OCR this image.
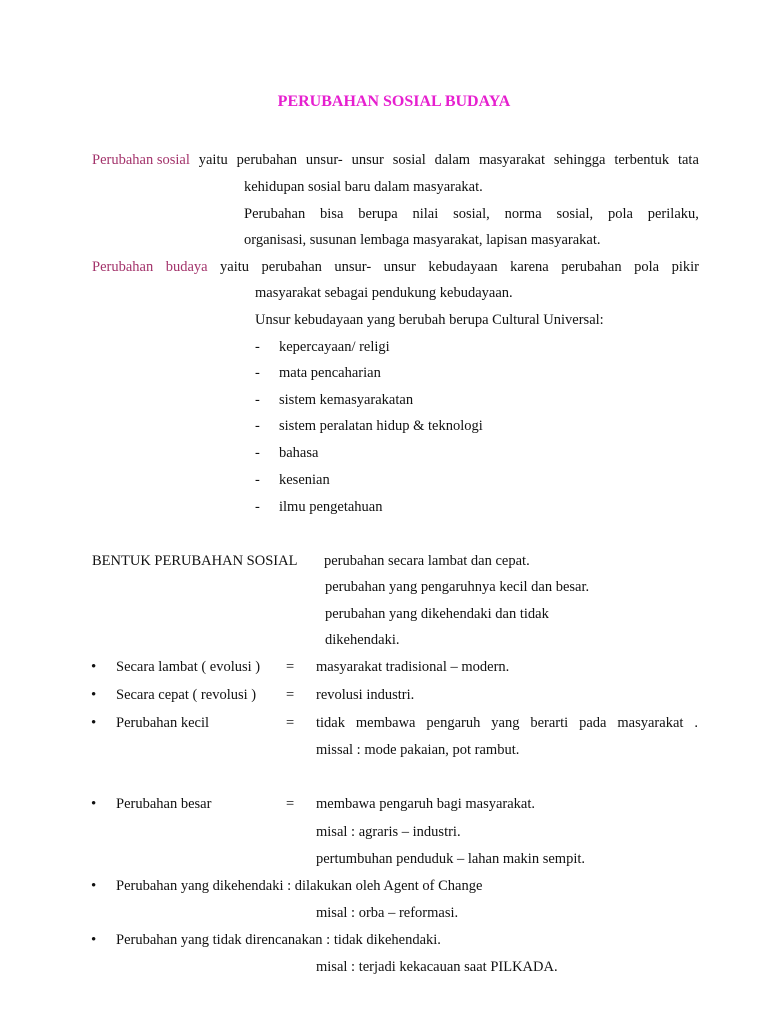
PERUBAHAN SOSIAL BUDAYA
Perubahan sosial yaitu perubahan unsur- unsur sosial dalam masyarakat sehingga terbentuk tata
kehidupan sosial baru dalam masyarakat.
Perubahan bisa berupa nilai sosial, norma sosial, pola perilaku,
organisasi, susunan lembaga masyarakat, lapisan masyarakat.
Perubahan budaya yaitu perubahan unsur- unsur kebudayaan karena perubahan pola pikir
masyarakat sebagai pendukung kebudayaan.
Unsur kebudayaan yang berubah berupa Cultural Universal:
- kepercayaan/ religi
- mata pencaharian
- sistem kemasyarakatan
- sistem peralatan hidup & teknologi
- bahasa
- kesenian
- ilmu pengetahuan
BENTUK PERUBAHAN SOSIAL perubahan secara lambat dan cepat.
perubahan yang pengaruhnya kecil dan besar.
perubahan yang dikehendaki dan tidak
dikehendaki.
• Secara lambat ( evolusi ) = masyarakat tradisional – modern.
• Secara cepat ( revolusi ) = revolusi industri.
• Perubahan kecil	= tidak membawa pengaruh yang berarti pada masyarakat .
missal : mode pakaian, pot rambut.
• Perubahan besar	= membawa pengaruh bagi masyarakat.
misal : agraris – industri.
pertumbuhan penduduk – lahan makin sempit.
• Perubahan yang dikehendaki : dilakukan oleh Agent of Change
misal : orba – reformasi.
• Perubahan yang tidak direncanakan : tidak dikehendaki.
misal : terjadi kekacauan saat PILKADA.
